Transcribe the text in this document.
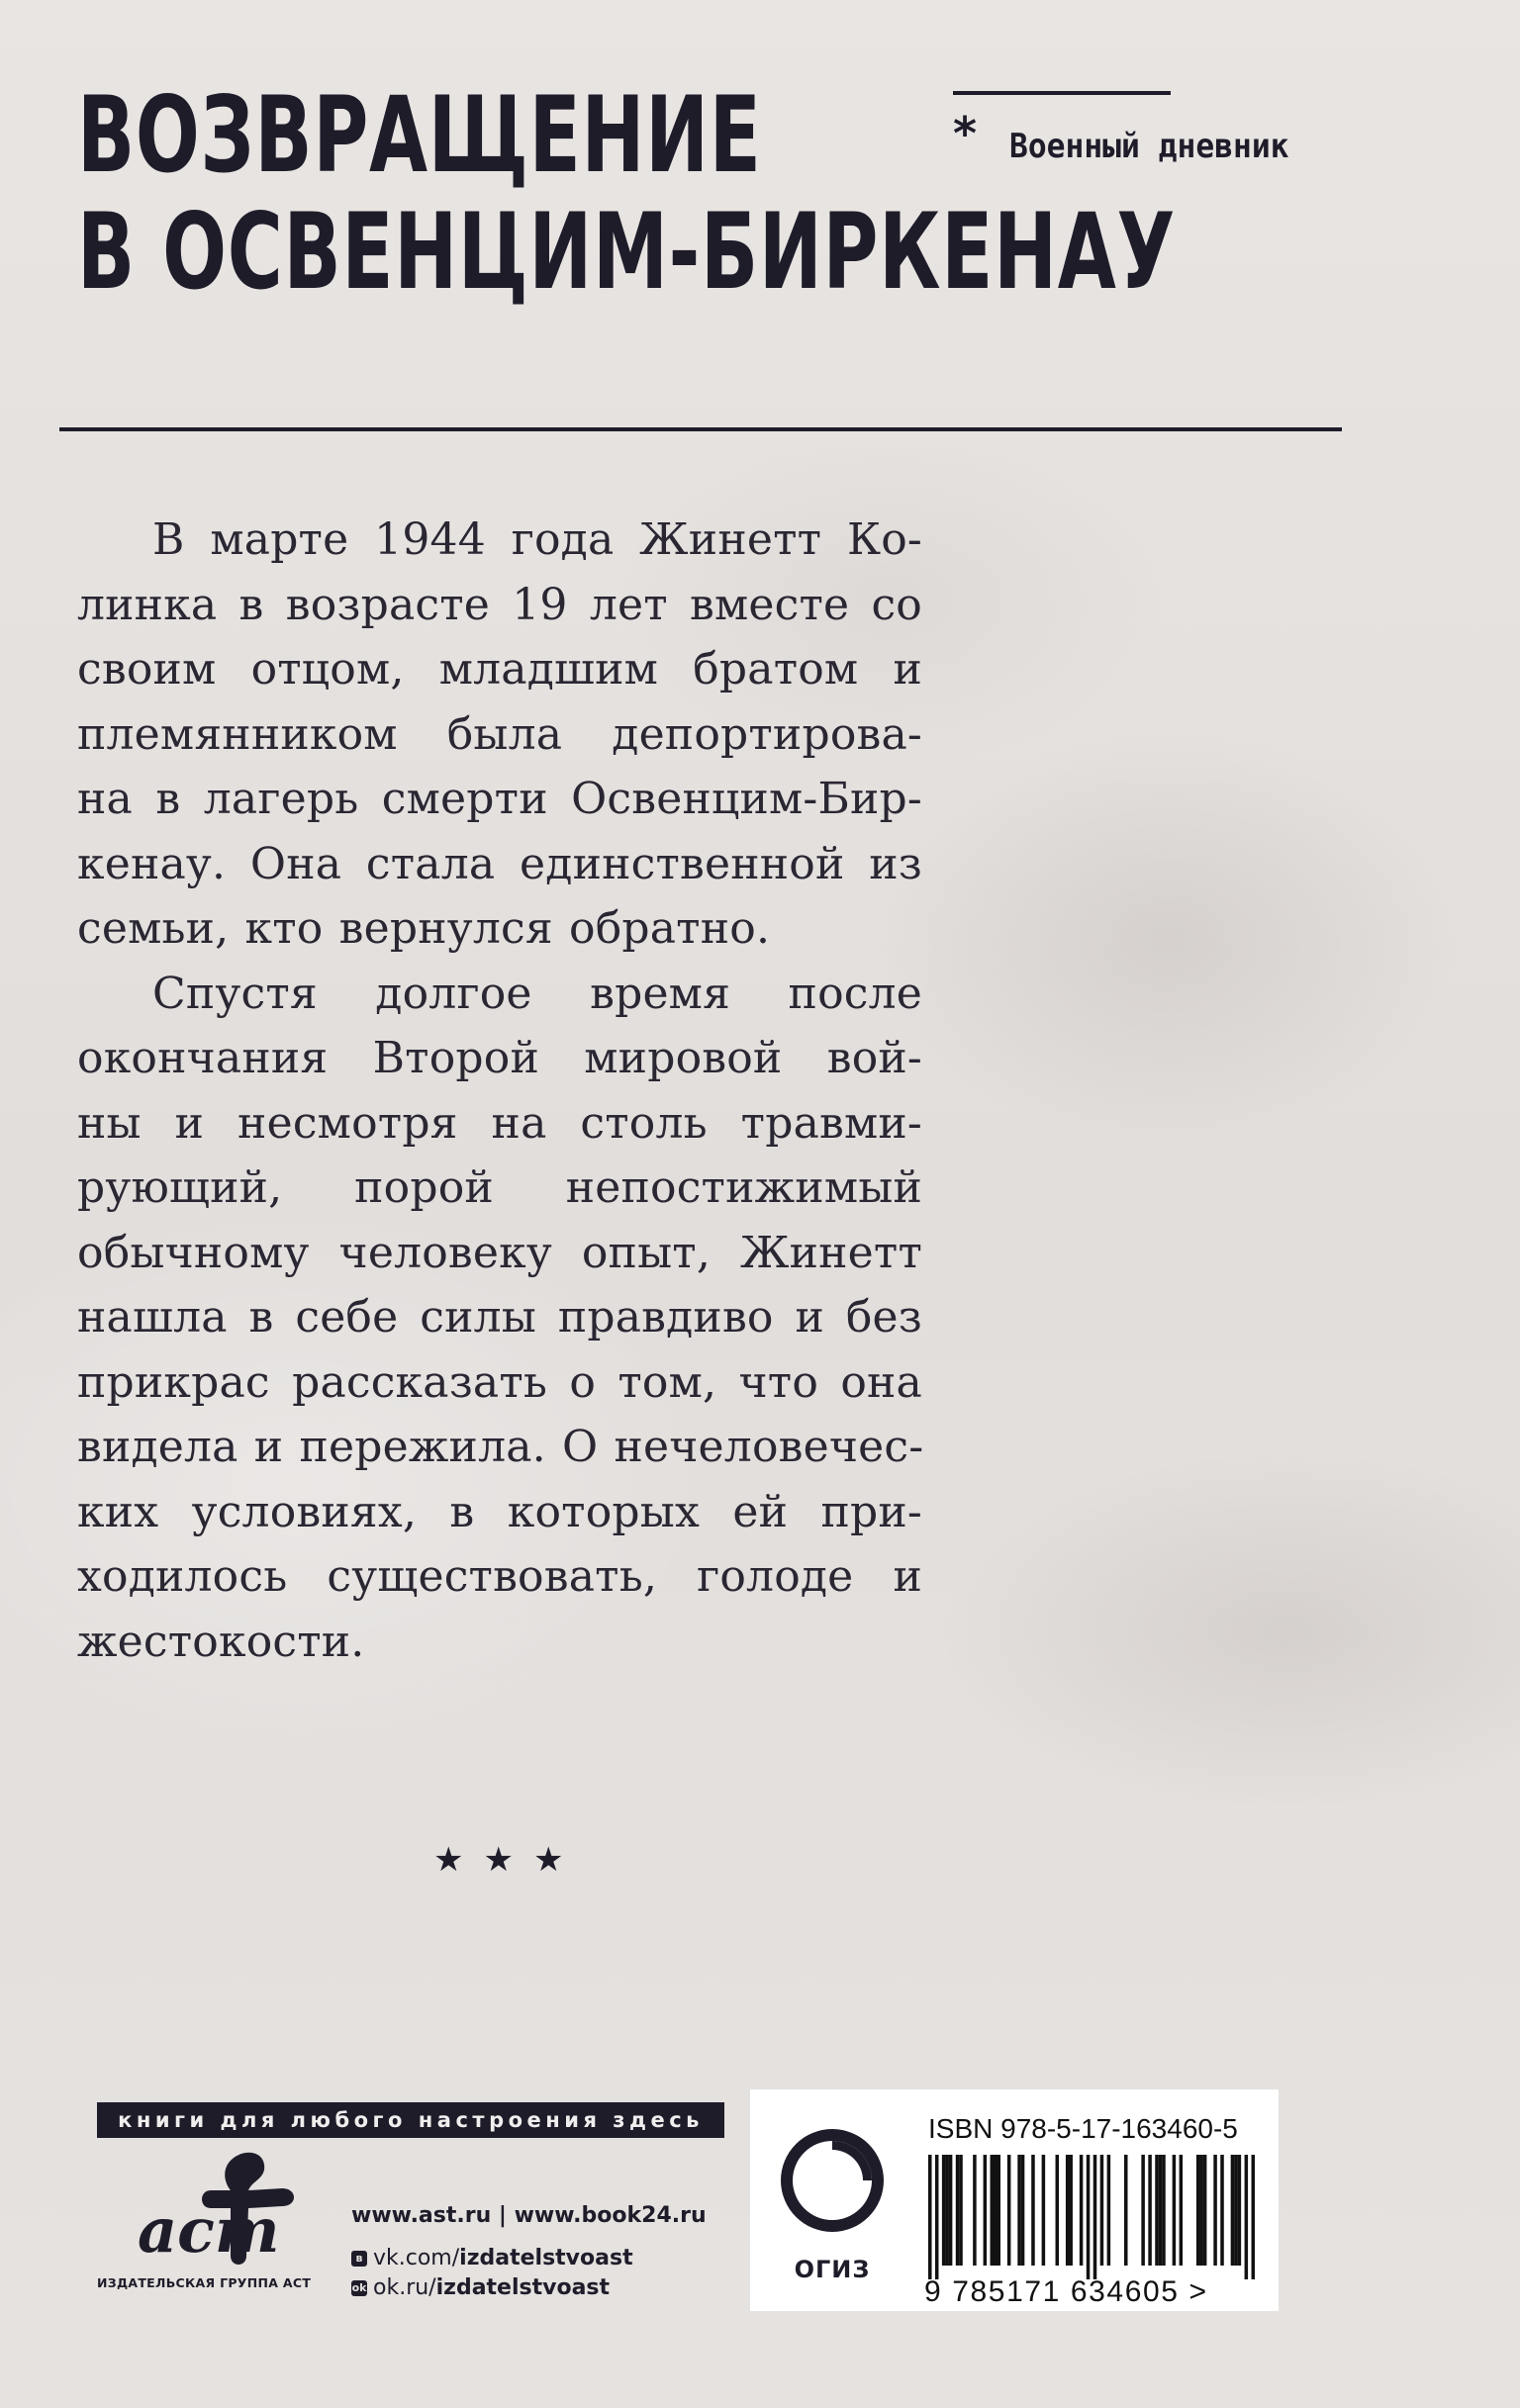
ВОЗВРАЩЕНИЕ
В ОСВЕНЦИМ-БИРКЕНАУ
* Военный дневник

В марте 1944 года Жинетт Ко-
линка в возрасте 19 лет вместе со
своим отцом, младшим братом и
племянником была депортирова-
на в лагерь смерти Освенцим-Бир-
кенау. Она стала единственной из
семьи, кто вернулся обратно.

Спустя долгое время после
окончания Второй мировой вой-
ны и несмотря на столь травми-
рующий, порой непостижимый
обычному человеку опыт, Жинетт
нашла в себе силы правдиво и без
прикрас рассказать о том, что она
видела и пережила. О нечеловечес-
ких условиях, в которых ей при-
ходилось существовать, голоде и
жестокости.

★★★
книги для любого настроения здесь
аст
ИЗДАТЕЛЬСКАЯ ГРУППА АСТ
www.ast.ru | www.book24.ru
в vk.com/ izdatelstvoast
ok ok.ru/ izdatelstvoast
ОГИЗ
ISBN 978-5-17-163460-5
9 785171 634605 >
